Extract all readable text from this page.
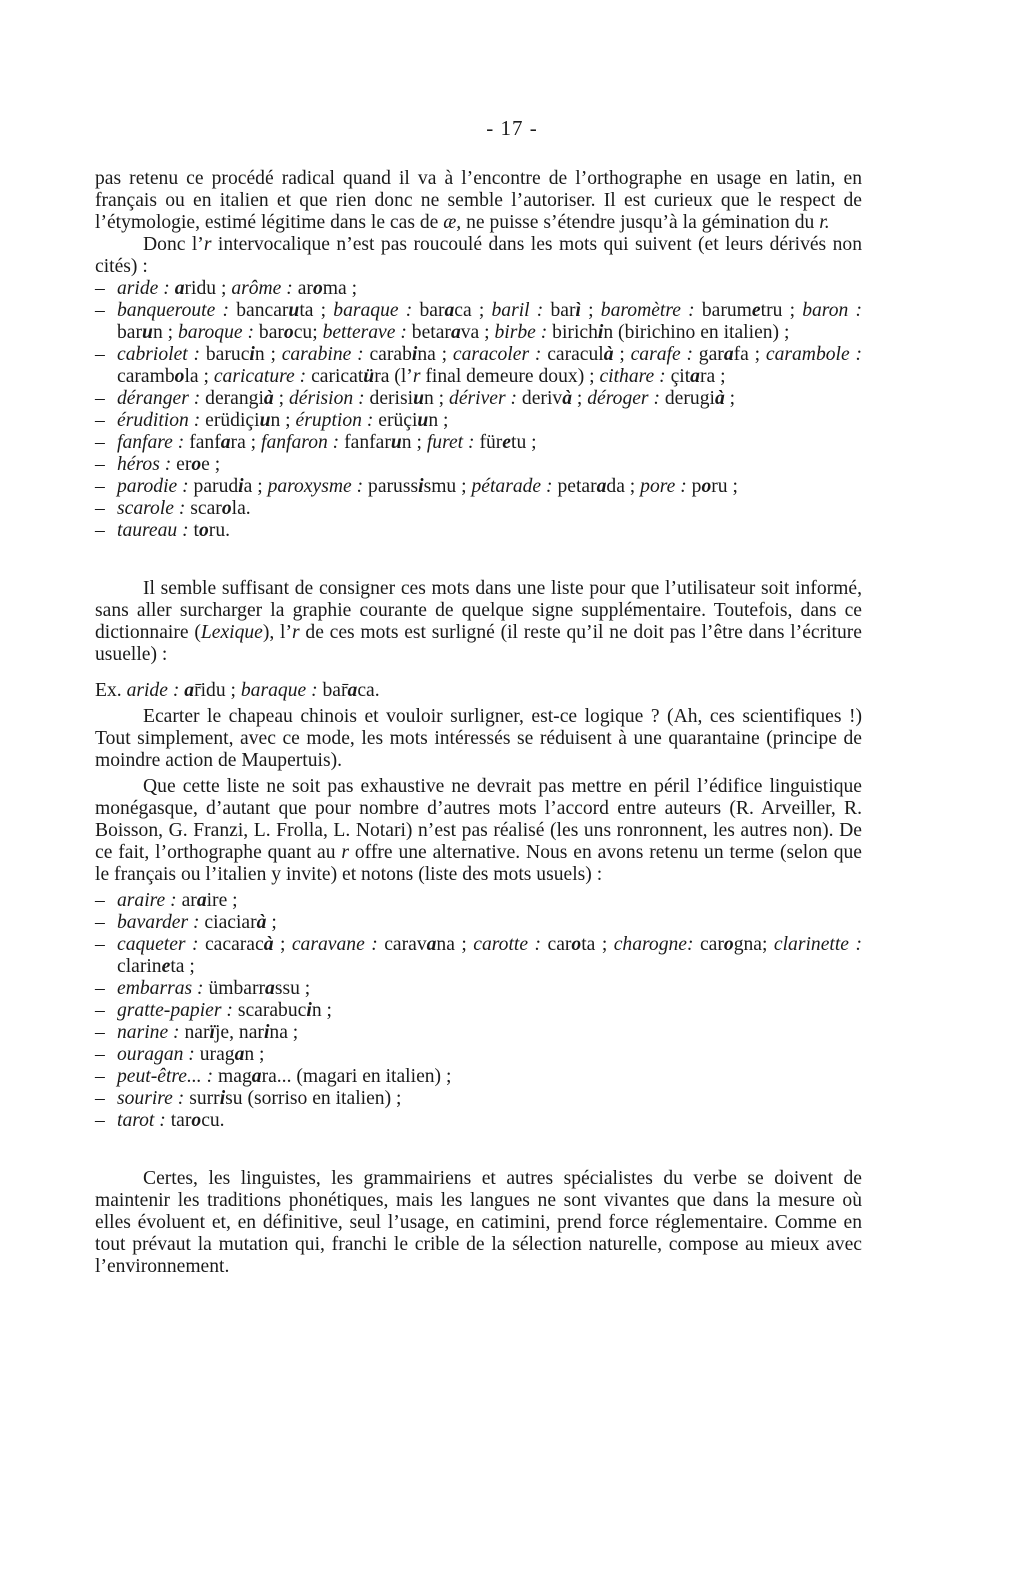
- 17 -

pas retenu ce procédé radical quand il va à l’encontre de l’orthographe en usage en latin, en français ou en italien et que rien donc ne semble l’autoriser. Il est curieux que le respect de l’étymologie, estimé légitime dans le cas de æ, ne puisse s’étendre jusqu’à la gémination du r.

Donc l’r intervocalique n’est pas roucoulé dans les mots qui suivent (et leurs dérivés non cités) :

– aride : aridu ; arôme : aroma ;
– banqueroute : bancaruta ; baraque : baraca ; baril : barì ; baromètre : barumetru ; baron : barun ; baroque : barocu; betterave : betarava ; birbe : birichin (birichino en italien) ;
– cabriolet : barucin ; carabine : carabina ; caracoler : caraculà ; carafe : garafa ; carambole : carambola ; caricature : caricatüra (l’r final demeure doux) ; cithare : çitara ;
– déranger : derangià ; dérision : derisiun ; dériver : derivà ; déroger : derugià ;
– érudition : erüdiçiun ; éruption : erüçiun ;
– fanfare : fanfara ; fanfaron : fanfarun ; furet : füretu ;
– héros : eroe ;
– parodie : parudia ; paroxysme : parussismu ; pétarade : petarada ; pore : poru ;
– scarole : scarola.
– taureau : toru.

Il semble suffisant de consigner ces mots dans une liste pour que l’utilisateur soit informé, sans aller surcharger la graphie courante de quelque signe supplémentaire. Toutefois, dans ce dictionnaire (Lexique), l’r de ces mots est surligné (il reste qu’il ne doit pas l’être dans l’écriture usuelle) :

Ex. aride : ar̄idu ; baraque : bar̄aca.

Ecarter le chapeau chinois et vouloir surligner, est-ce logique ? (Ah, ces scientifiques !) Tout simplement, avec ce mode, les mots intéressés se réduisent à une quarantaine (principe de moindre action de Maupertuis).

Que cette liste ne soit pas exhaustive ne devrait pas mettre en péril l’édifice linguistique monégasque, d’autant que pour nombre d’autres mots l’accord entre auteurs (R. Arveiller, R. Boisson, G. Franzi, L. Frolla, L. Notari) n’est pas réalisé (les uns ronronnent, les autres non). De ce fait, l’orthographe quant au r offre une alternative. Nous en avons retenu un terme (selon que le français ou l’italien y invite) et notons (liste des mots usuels) :

– araire : araire ;
– bavarder : ciaciarà ;
– caqueter : cacaracà ; caravane : caravana ; carotte : carota ; charogne: carogna; clarinette : clarineta ;
– embarras : ümbarrassu ;
– gratte-papier : scarabucin ;
– narine : narïje, narina ;
– ouragan : uragan ;
– peut-être... : magara... (magari en italien) ;
– sourire : surrisu (sorriso en italien) ;
– tarot : tarocu.

Certes, les linguistes, les grammairiens et autres spécialistes du verbe se doivent de maintenir les traditions phonétiques, mais les langues ne sont vivantes que dans la mesure où elles évoluent et, en définitive, seul l’usage, en catimini, prend force réglementaire. Comme en tout prévaut la mutation qui, franchi le crible de la sélection naturelle, compose au mieux avec l’environnement.
